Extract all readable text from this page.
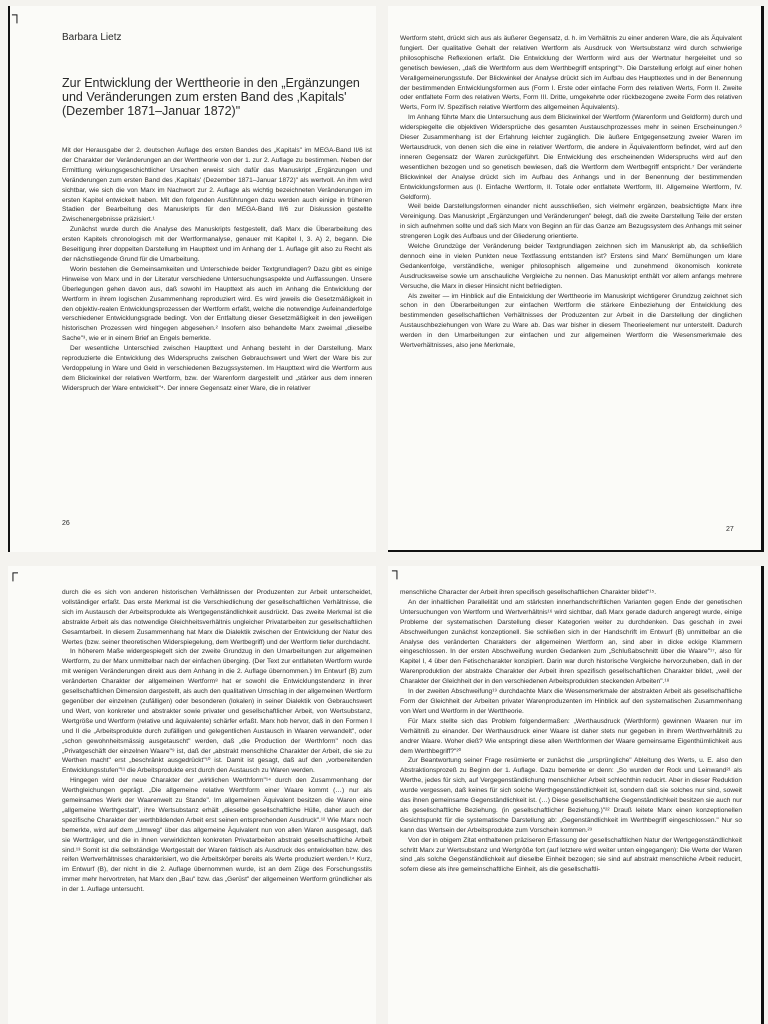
┐
Barbara Lietz
Zur Entwicklung der Werttheorie in den „Ergänzungen und Veränderungen zum ersten Band des ‚Kapitals' (Dezember 1871–Januar 1872)"

Mit der Herausgabe der 2. deutschen Auflage des ersten Bandes des „Kapitals" im MEGA-Band II/6 ist der Charakter der Veränderungen an der Werttheorie von der 1. zur 2. Auflage zu bestimmen. Neben der Ermittlung wirkungsgeschichtlicher Ursachen erweist sich dafür das Manuskript „Ergänzungen und Veränderungen zum ersten Band des ‚Kapitals' (Dezember 1871–Januar 1872)" als wertvoll. An ihm wird sichtbar, wie sich die von Marx im Nachwort zur 2. Auflage als wichtig bezeichneten Veränderungen im ersten Kapitel entwickelt haben. Mit den folgenden Ausführungen dazu werden auch einige in früheren Stadien der Bearbeitung des Manuskripts für den MEGA-Band II/6 zur Diskussion gestellte Zwischenergebnisse präzisiert.¹

Zunächst wurde durch die Analyse des Manuskripts festgestellt, daß Marx die Überarbeitung des ersten Kapitels chronologisch mit der Wertformanalyse, genauer mit Kapitel I, 3. A) 2, begann. Die Beseitigung ihrer doppelten Darstellung im Haupttext und im Anhang der 1. Auflage gilt also zu Recht als der nächstliegende Grund für die Umarbeitung.

Worin bestehen die Gemeinsamkeiten und Unterschiede beider Textgrundlagen? Dazu gibt es einige Hinweise von Marx und in der Literatur verschiedene Untersuchungsaspekte und Auffassungen. Unsere Überlegungen gehen davon aus, daß sowohl im Haupttext als auch im Anhang die Entwicklung der Wertform in ihrem logischen Zusammenhang reproduziert wird. Es wird jeweils die Gesetzmäßigkeit in den objektiv-realen Entwicklungsprozessen der Wertform erfaßt, welche die notwendige Aufeinanderfolge verschiedener Entwicklungsgrade bedingt. Von der Entfaltung dieser Gesetzmäßigkeit in den jeweiligen historischen Prozessen wird hingegen abgesehen.² Insofern also behandelte Marx zweimal „dieselbe Sache"³, wie er in einem Brief an Engels bemerkte.

Der wesentliche Unterschied zwischen Haupttext und Anhang besteht in der Darstellung. Marx reproduzierte die Entwicklung des Widerspruchs zwischen Gebrauchswert und Wert der Ware bis zur Verdoppelung in Ware und Geld in verschiedenen Bezugssystemen. Im Haupttext wird die Wertform aus dem Blickwinkel der relativen Wertform, bzw. der Warenform dargestellt und „stärker aus dem inneren Widerspruch der Ware entwickelt"⁴. Der innere Gegensatz einer Ware, die in relativer

26

Wertform steht, drückt sich aus als äußerer Gegensatz, d. h. im Verhältnis zu einer anderen Ware, die als Äquivalent fungiert. Der qualitative Gehalt der relativen Wertform als Ausdruck von Wertsubstanz wird durch schwierige philosophische Reflexionen erfaßt. Die Entwicklung der Wertform wird aus der Wertnatur hergeleitet und so genetisch bewiesen, „daß die Werthform aus dem Werthbegriff entspringt"⁵. Die Darstellung erfolgt auf einer hohen Verallgemeinerungsstufe. Der Blickwinkel der Analyse drückt sich im Aufbau des Haupttextes und in der Benennung der bestimmenden Entwicklungsformen aus (Form I. Erste oder einfache Form des relativen Werts, Form II. Zweite oder entfaltete Form des relativen Werts, Form III. Dritte, umgekehrte oder rückbezogene zweite Form des relativen Werts, Form IV. Spezifisch relative Wertform des allgemeinen Äquivalents).

Im Anhang führte Marx die Untersuchung aus dem Blickwinkel der Wertform (Warenform und Geldform) durch und widerspiegelte die objektiven Widersprüche des gesamten Austauschprozesses mehr in seinen Erscheinungen.⁶ Dieser Zusammenhang ist der Erfahrung leichter zugänglich. Die äußere Entgegensetzung zweier Waren im Wertausdruck, von denen sich die eine in relativer Wertform, die andere in Äquivalentform befindet, wird auf den inneren Gegensatz der Waren zurückgeführt. Die Entwicklung des erscheinenden Widerspruchs wird auf den wesentlichen bezogen und so genetisch bewiesen, daß die Wertform dem Wertbegriff entspricht.⁷ Der veränderte Blickwinkel der Analyse drückt sich im Aufbau des Anhangs und in der Benennung der bestimmenden Entwicklungsformen aus (I. Einfache Wertform, II. Totale oder entfaltete Wertform, III. Allgemeine Wertform, IV. Geldform).

Weil beide Darstellungsformen einander nicht ausschließen, sich vielmehr ergänzen, beabsichtigte Marx ihre Vereinigung. Das Manuskript „Ergänzungen und Veränderungen" belegt, daß die zweite Darstellung Teile der ersten in sich aufnehmen sollte und daß sich Marx von Beginn an für das Ganze am Bezugssystem des Anhangs mit seiner strengeren Logik des Aufbaus und der Gliederung orientierte.

Welche Grundzüge der Veränderung beider Textgrundlagen zeichnen sich im Manuskript ab, da schließlich dennoch eine in vielen Punkten neue Textfassung entstanden ist? Erstens sind Marx' Bemühungen um klare Gedankenfolge, verständliche, weniger philosophisch allgemeine und zunehmend ökonomisch konkrete Ausdrucksweise sowie um anschauliche Vergleiche zu nennen. Das Manuskript enthält vor allem anfangs mehrere Versuche, die Marx in dieser Hinsicht nicht befriedigten.

Als zweiter — im Hinblick auf die Entwicklung der Werttheorie im Manuskript wichtigerer Grundzug zeichnet sich schon in den Überarbeitungen zur einfachen Wertform die stärkere Einbeziehung der Entwicklung des bestimmenden gesellschaftlichen Verhältnisses der Produzenten zur Arbeit in die Darstellung der dinglichen Austauschbeziehungen von Ware zu Ware ab. Das war bisher in diesem Theorieelement nur unterstellt. Dadurch werden in den Umarbeitungen zur einfachen und zur allgemeinen Wertform die Wesensmerkmale des Wertverhältnisses, also jene Merkmale,

27
┌

durch die es sich von anderen historischen Verhältnissen der Produzenten zur Arbeit unterscheidet, vollständiger erfaßt. Das erste Merkmal ist die Verschiedlichung der gesellschaftlichen Verhältnisse, die sich im Austausch der Arbeitsprodukte als Wertgegenständlichkeit ausdrückt. Das zweite Merkmal ist die abstrakte Arbeit als das notwendige Gleichheitsverhältnis ungleicher Privatarbeiten zur gesellschaftlichen Gesamtarbeit. In diesem Zusammenhang hat Marx die Dialektik zwischen der Entwicklung der Natur des Wertes (bzw. seiner theoretischen Widerspiegelung, dem Wertbegriff) und der Wertform tiefer durchdacht.

In höherem Maße widergespiegelt sich der zweite Grundzug in den Umarbeitungen zur allgemeinen Wertform, zu der Marx unmittelbar nach der einfachen überging. (Der Text zur entfalteten Wertform wurde mit wenigen Veränderungen direkt aus dem Anhang in die 2. Auflage übernommen.) Im Entwurf (B) zum veränderten Charakter der allgemeinen Wertform⁸ hat er sowohl die Entwicklungstendenz in ihrer gesellschaftlichen Dimension dargestellt, als auch den qualitativen Umschlag in der allgemeinen Wertform gegenüber der einzelnen (zufälligen) oder besonderen (lokalen) in seiner Dialektik von Gebrauchswert und Wert, von konkreter und abstrakter sowie privater und gesellschaftlicher Arbeit, von Wertsubstanz, Wertgröße und Wertform (relative und äquivalente) schärfer erfaßt. Marx hob hervor, daß in den Formen I und II die „Arbeitsprodukte durch zufälligen und gelegentlichen Austausch in Waaren verwandelt", oder „schon gewohnheitsmässig ausgetauscht" werden, daß „die Production der Werthform" noch das „Privatgeschäft der einzelnen Waare"⁹ ist, daß der „abstrakt menschliche Charakter der Arbeit, die sie zu Werthen macht" erst „beschränkt ausgedrückt"¹⁰ ist. Damit ist gesagt, daß auf den „vorbereitenden Entwicklungsstufen"¹¹ die Arbeitsprodukte erst durch den Austausch zu Waren werden.

Hingegen wird der neue Charakter der „wirklichen Werthform"¹⁴ durch den Zusammenhang der Werthgleichungen geprägt. „Die allgemeine relative Werthform einer Waare kommt (…) nur als gemeinsames Werk der Waarenwelt zu Stande". Im allgemeinen Äquivalent besitzen die Waren eine „allgemeine Werthgestalt", ihre Wertsubstanz erhält „dieselbe gesellschaftliche Hülle, daher auch der spezifische Charakter der werthbildenden Arbeit erst seinen entsprechenden Ausdruck".¹² Wie Marx noch bemerkte, wird auf dem „Umweg" über das allgemeine Äquivalent nun von allen Waren ausgesagt, daß sie Wertträger, und die in ihnen verwirklichten konkreten Privatarbeiten abstrakt gesellschaftliche Arbeit sind.¹³ Somit ist die selbständige Wertgestalt der Waren faktisch als Ausdruck des entwickelten bzw. des reifen Wertverhältnisses charakterisiert, wo die Arbeitskörper bereits als Werte produziert werden.¹⁴ Kurz, im Entwurf (B), der nicht in die 2. Auflage übernommen wurde, ist an dem Züge des Forschungsstils immer mehr hervortreten, hat Marx den „Bau" bzw. das „Gerüst" der allgemeinen Wertform gründlicher als in der 1. Auflage untersucht.

┐

menschliche Character der Arbeit ihren specifisch gesellschaftlichen Charakter bildet"¹⁵.

An der inhaltlichen Parallelität und am stärksten innerhandschriftlichen Varianten gegen Ende der genetischen Untersuchungen von Wertform und Wertverhältnis¹⁶ wird sichtbar, daß Marx gerade dadurch angeregt wurde, einige Probleme der systematischen Darstellung dieser Kategorien weiter zu durchdenken. Das geschah in zwei Abschweifungen zunächst konzeptionell. Sie schließen sich in der Handschrift im Entwurf (B) unmittelbar an die Analyse des veränderten Charakters der allgemeinen Wertform an, sind aber in dicke eckige Klammern eingeschlossen. In der ersten Abschweifung wurden Gedanken zum „Schlußabschnitt über die Waare"¹⁷, also für Kapitel I, 4 über den Fetischcharakter konzipiert. Darin war durch historische Vergleiche hervorzuheben, daß in der Warenproduktion der abstrakte Charakter der Arbeit ihren spezifisch gesellschaftlichen Charakter bildet, „weil der Charakter der Gleichheit der in den verschiedenen Arbeitsprodukten steckenden Arbeiten".¹⁸

In der zweiten Abschweifung¹⁹ durchdachte Marx die Wesensmerkmale der abstrakten Arbeit als gesellschaftliche Form der Gleichheit der Arbeiten privater Warenproduzenten im Hinblick auf den systematischen Zusammenhang von Wert und Wertform in der Werttheorie.

Für Marx stellte sich das Problem folgendermaßen: „Werthausdruck (Werthform) gewinnen Waaren nur im Verhältniß zu einander. Der Werthausdruck einer Waare ist daher stets nur gegeben in ihrem Werthverhältniß zu andrer Waare. Woher dieß? Wie entspringt diese allen Werthformen der Waare gemeinsame Eigenthümlichkeit aus dem Werthbegriff?"²⁰

Zur Beantwortung seiner Frage resümierte er zunächst die „ursprüngliche" Ableitung des Werts, u. E. also den Abstraktionsprozeß zu Beginn der 1. Auflage. Dazu bemerkte er denn: „So wurden der Rock und Leinwand²¹ als Werthe, jedes für sich, auf Vergegenständlichung menschlicher Arbeit schlechthin reducirt. Aber in dieser Reduktion wurde vergessen, daß keines für sich solche Werthgegenständlichkeit ist, sondern daß sie solches nur sind, soweit das ihnen gemeinsame Gegenständlichkeit ist. (…) Diese gesellschaftliche Gegenständlichkeit besitzen sie auch nur als gesellschaftliche Beziehung. (in gesellschaftlicher Beziehung.)"²² Drauß leitete Marx einen konzeptionellen Gesichtspunkt für die systematische Darstellung ab: „Gegenständlichkeit im Werthbegriff eingeschlossen." Nur so kann das Wertsein der Arbeitsprodukte zum Vorschein kommen.²³

Von der in obigem Zitat enthaltenen präziseren Erfassung der gesellschaftlichen Natur der Wertgegenständlichkeit schritt Marx zur Wertsubstanz und Wertgröße fort (auf letztere wird weiter unten eingegangen): Die Werte der Waren sind „als solche Gegenständlichkeit auf dieselbe Einheit bezogen; sie sind auf abstrakt menschliche Arbeit reducirt, sofern diese als ihre gemeinschaftliche Einheit, als die gesellschaftli-
